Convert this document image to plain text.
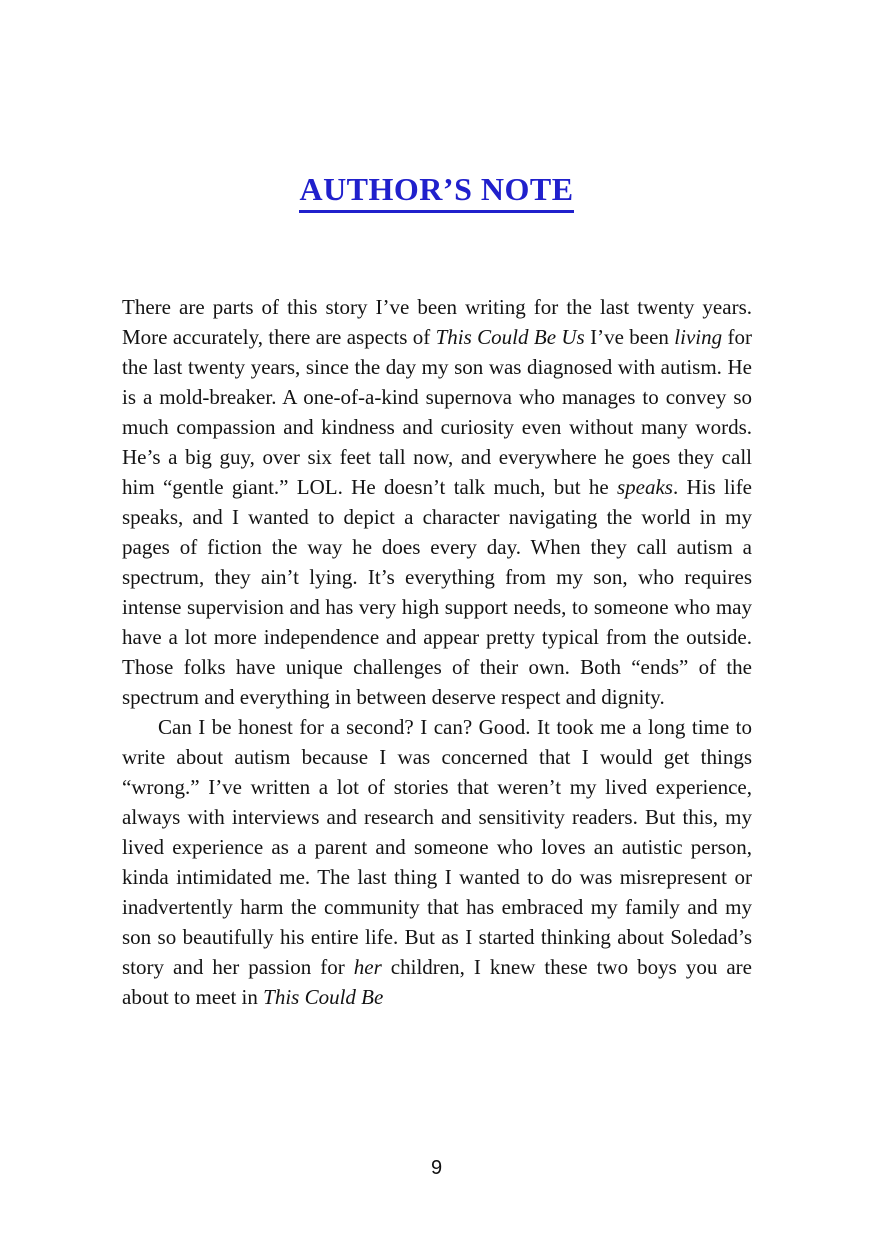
AUTHOR’S NOTE

There are parts of this story I’ve been writing for the last twenty years. More accurately, there are aspects of This Could Be Us I’ve been living for the last twenty years, since the day my son was diagnosed with autism. He is a mold-breaker. A one-of-a-kind supernova who manages to convey so much compassion and kindness and curiosity even without many words. He’s a big guy, over six feet tall now, and everywhere he goes they call him “gentle giant.” LOL. He doesn’t talk much, but he speaks. His life speaks, and I wanted to depict a character navigating the world in my pages of fiction the way he does every day. When they call autism a spectrum, they ain’t lying. It’s everything from my son, who requires intense supervision and has very high support needs, to someone who may have a lot more independence and appear pretty typical from the outside. Those folks have unique challenges of their own. Both “ends” of the spectrum and everything in between deserve respect and dignity.

Can I be honest for a second? I can? Good. It took me a long time to write about autism because I was concerned that I would get things “wrong.” I’ve written a lot of stories that weren’t my lived experience, always with interviews and research and sensitivity readers. But this, my lived experience as a parent and someone who loves an autistic person, kinda intimidated me. The last thing I wanted to do was misrepresent or inadvertently harm the community that has embraced my family and my son so beautifully his entire life. But as I started thinking about Soledad’s story and her passion for her children, I knew these two boys you are about to meet in This Could Be

9
